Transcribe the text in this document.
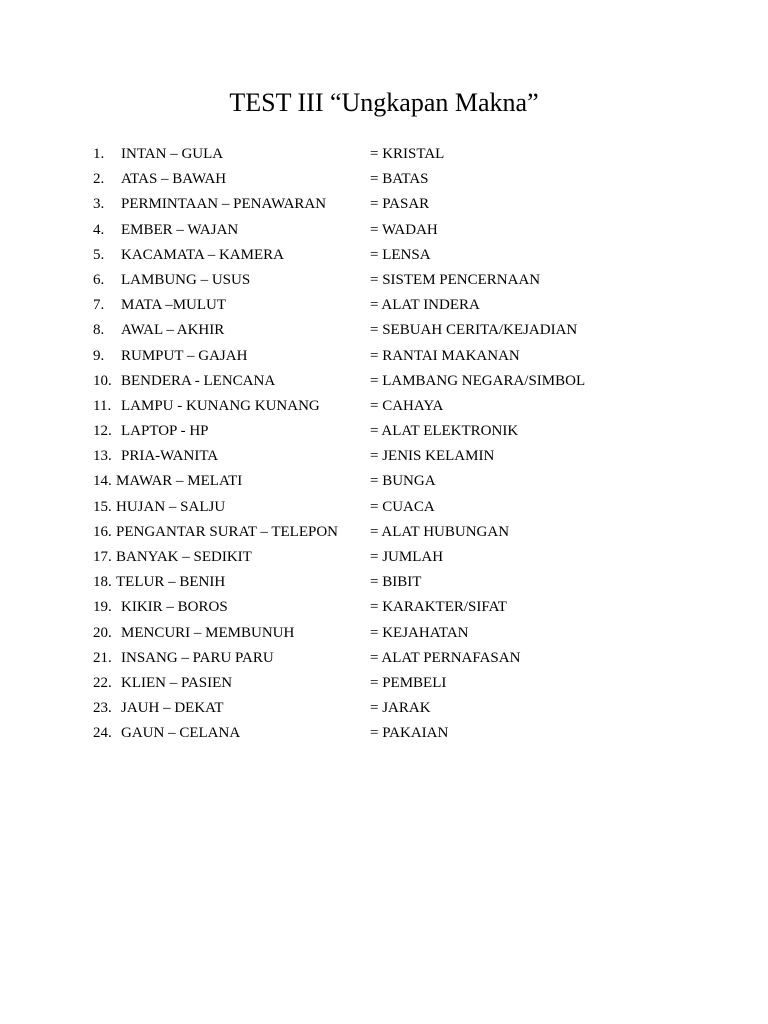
TEST III “Ungkapan Makna”
1. INTAN – GULA	= KRISTAL
2. ATAS – BAWAH	= BATAS
3. PERMINTAAN – PENAWARAN	= PASAR
4. EMBER – WAJAN	= WADAH
5. KACAMATA – KAMERA	= LENSA
6. LAMBUNG – USUS	= SISTEM PENCERNAAN
7. MATA –MULUT	= ALAT INDERA
8. AWAL – AKHIR	= SEBUAH CERITA/KEJADIAN
9. RUMPUT – GAJAH	= RANTAI MAKANAN
10. BENDERA - LENCANA	= LAMBANG NEGARA/SIMBOL
11. LAMPU - KUNANG KUNANG	= CAHAYA
12. LAPTOP - HP	= ALAT ELEKTRONIK
13. PRIA-WANITA	= JENIS KELAMIN
14. MAWAR – MELATI	= BUNGA
15. HUJAN – SALJU	= CUACA
16. PENGANTAR SURAT – TELEPON = ALAT HUBUNGAN
17. BANYAK – SEDIKIT	= JUMLAH
18. TELUR – BENIH	= BIBIT
19. KIKIR – BOROS	= KARAKTER/SIFAT
20. MENCURI – MEMBUNUH	= KEJAHATAN
21. INSANG – PARU PARU	= ALAT PERNAFASAN
22. KLIEN – PASIEN	= PEMBELI
23. JAUH – DEKAT	= JARAK
24. GAUN – CELANA	= PAKAIAN
